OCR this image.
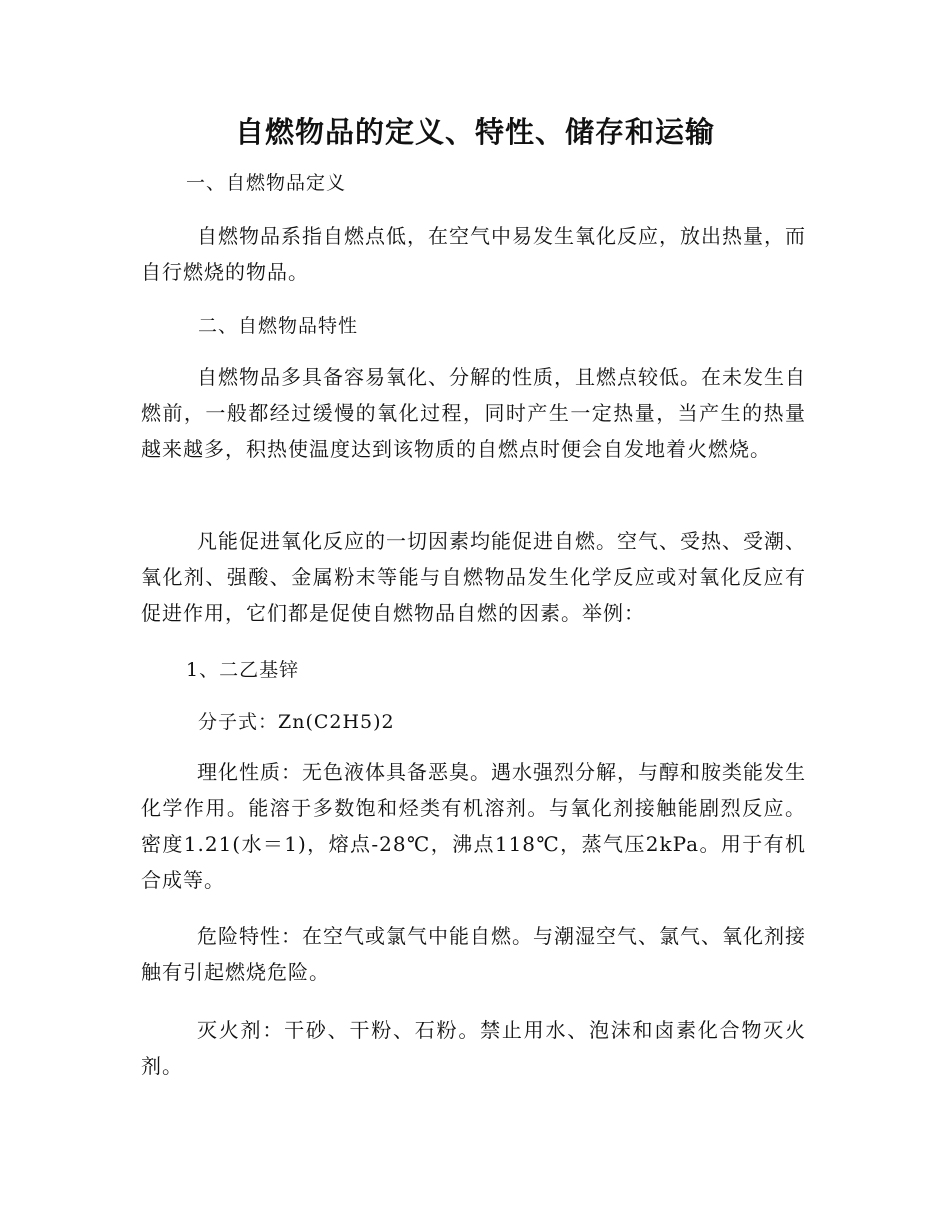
自燃物品的定义、特性、储存和运输
一、自燃物品定义
自燃物品系指自燃点低，在空气中易发生氧化反应，放出热量，而自行燃烧的物品。
二、自燃物品特性
自燃物品多具备容易氧化、分解的性质，且燃点较低。在未发生自燃前，一般都经过缓慢的氧化过程，同时产生一定热量，当产生的热量越来越多，积热使温度达到该物质的自燃点时便会自发地着火燃烧。
凡能促进氧化反应的一切因素均能促进自燃。空气、受热、受潮、氧化剂、强酸、金属粉末等能与自燃物品发生化学反应或对氧化反应有促进作用，它们都是促使自燃物品自燃的因素。举例：
1、二乙基锌
分子式：Zn(C2H5)2
理化性质：无色液体具备恶臭。遇水强烈分解，与醇和胺类能发生化学作用。能溶于多数饱和烃类有机溶剂。与氧化剂接触能剧烈反应。密度1.21(水＝1)，熔点-28℃，沸点118℃，蒸气压2kPa。用于有机合成等。
危险特性：在空气或氯气中能自燃。与潮湿空气、氯气、氧化剂接触有引起燃烧危险。
灭火剂：干砂、干粉、石粉。禁止用水、泡沫和卤素化合物灭火剂。
